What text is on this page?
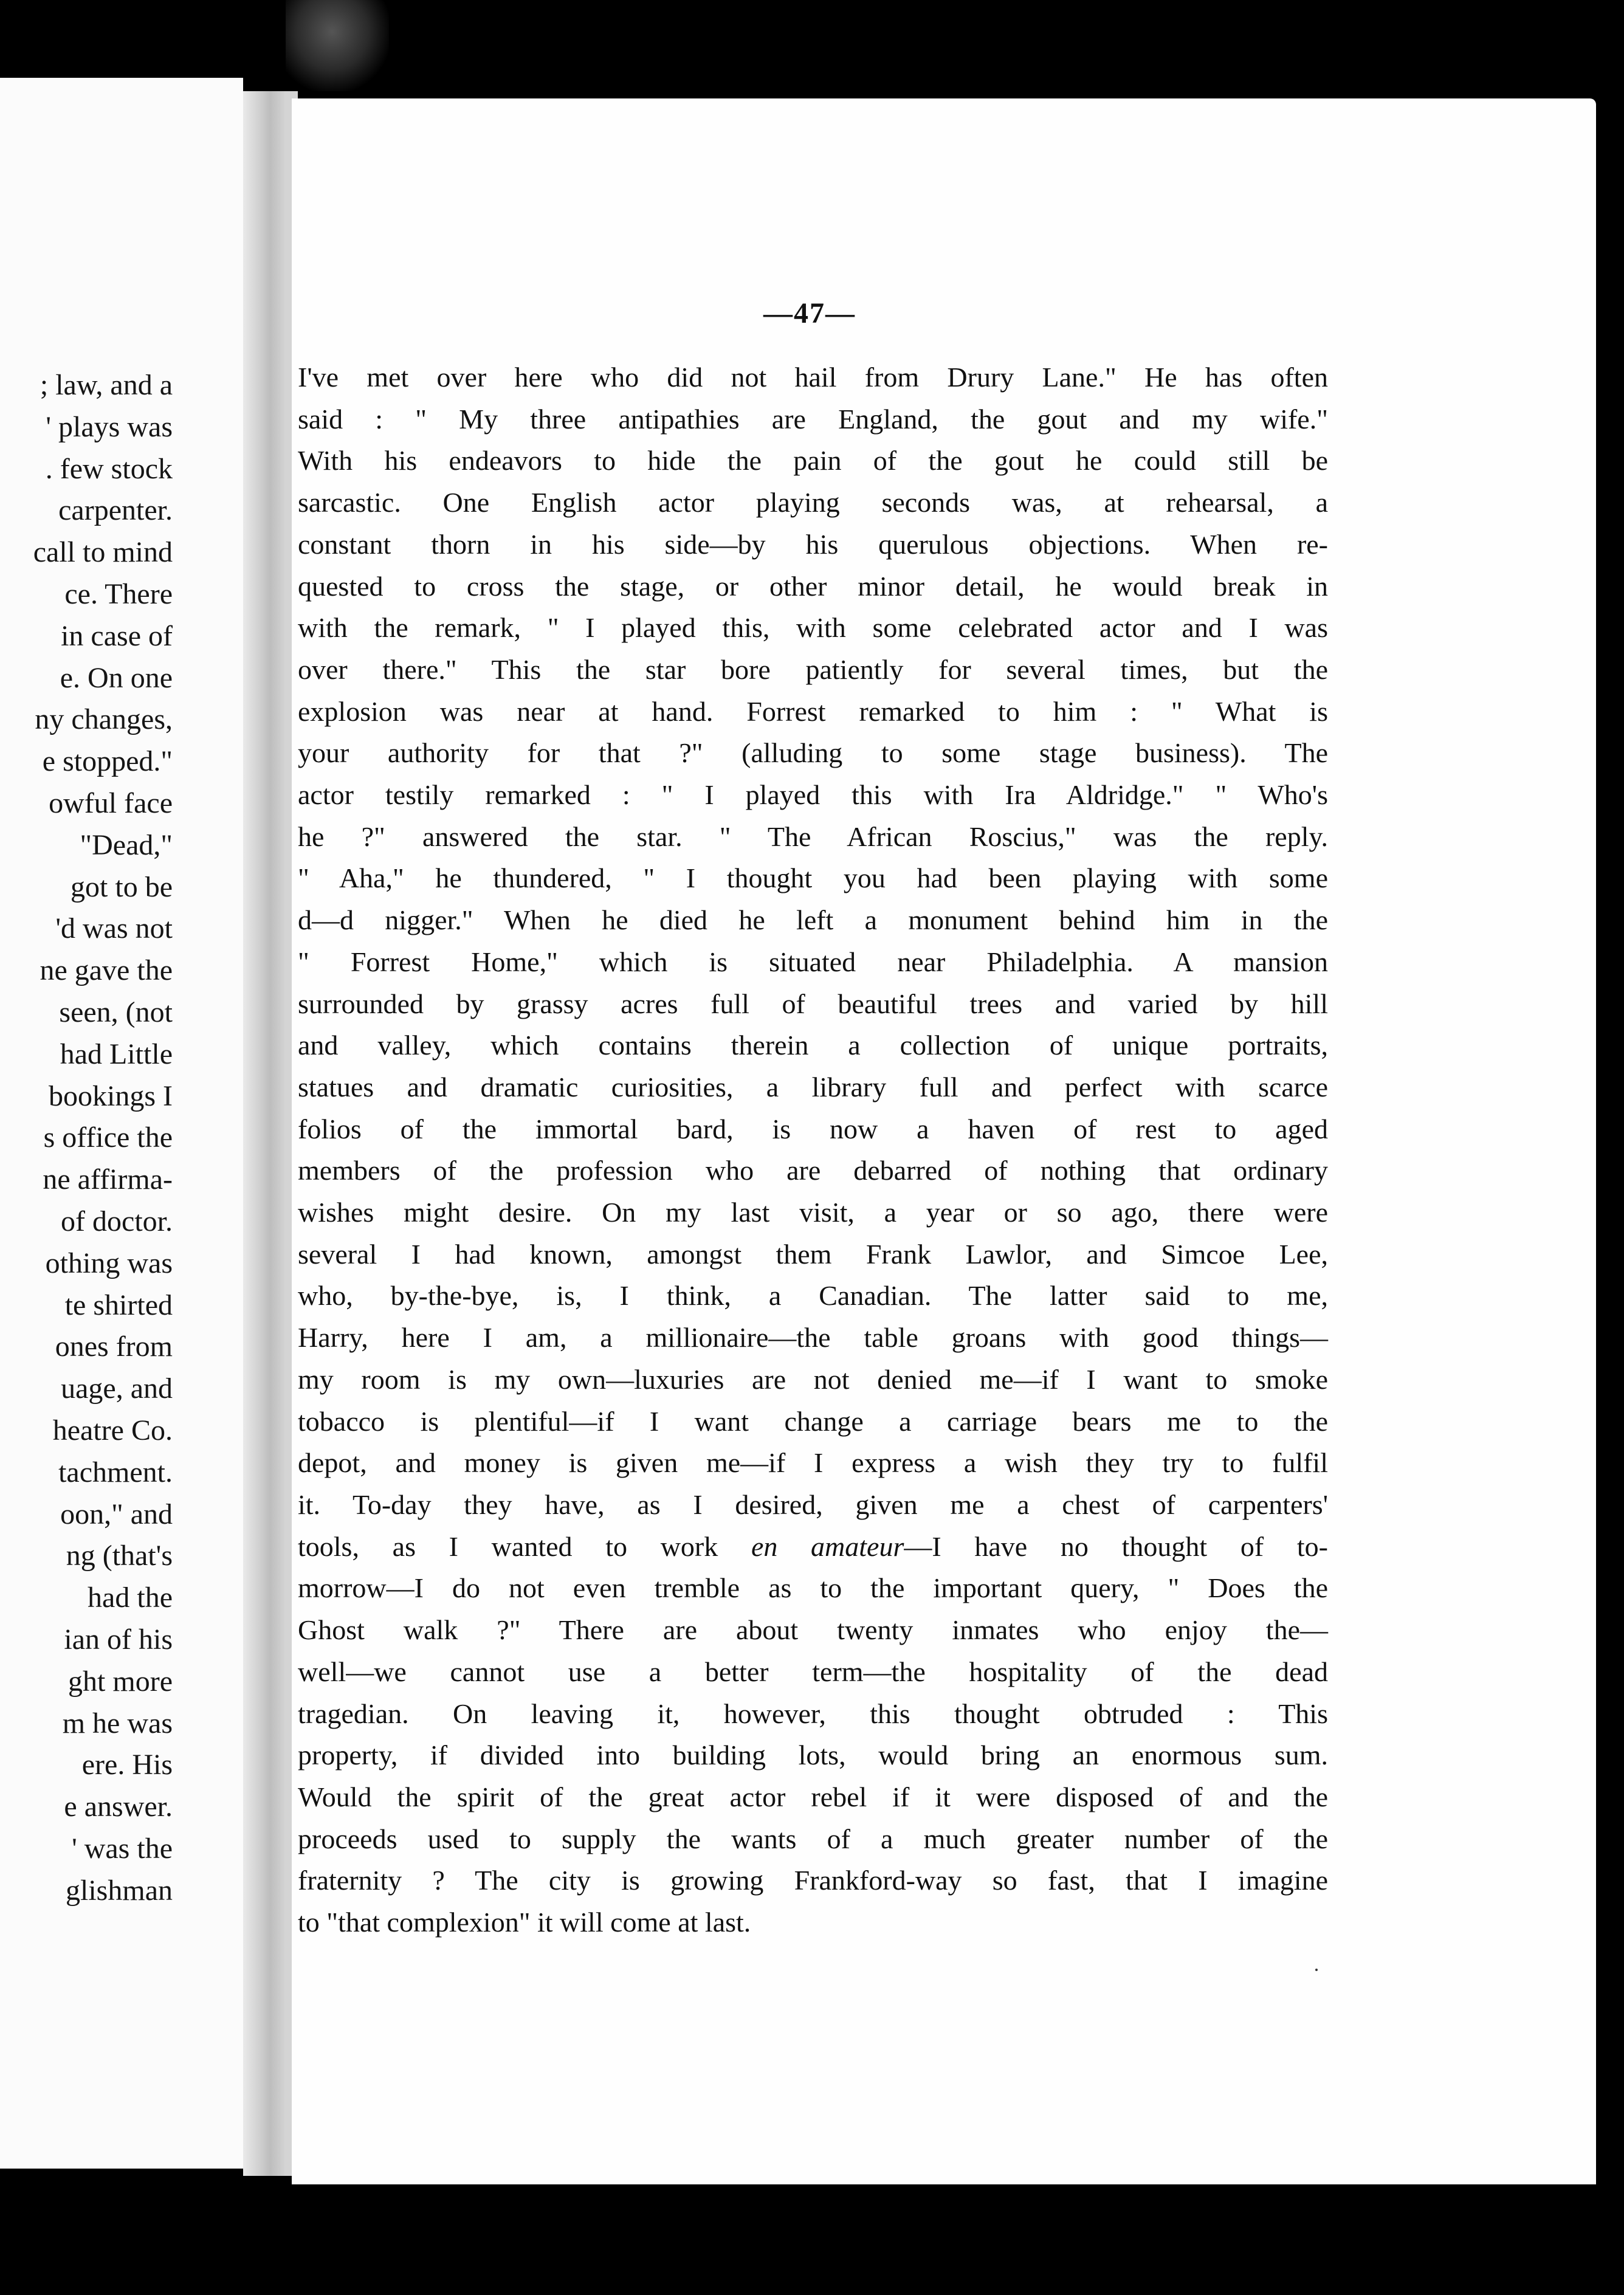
; law, and a
' plays was
. few stock
carpenter.
call to mind
ce. There
in case of
e. On one
ny changes,
e stopped."
owful face
"Dead,"
got to be
'd was not
ne gave the
seen, (not
had Little
bookings I
s office the
ne affirma-
of doctor.
othing was
te shirted
ones from
uage, and
heatre Co.
tachment.
oon," and
ng (that's
had the
ian of his
ght more
m he was
ere. His
e answer.
' was the
glishman
—47—
I've met over here who did not hail from Drury Lane." He has often
said : " My three antipathies are England, the gout and my wife."
With his endeavors to hide the pain of the gout he could still be
sarcastic. One English actor playing seconds was, at rehearsal, a
constant thorn in his side—by his querulous objections. When re-
quested to cross the stage, or other minor detail, he would break in
with the remark, " I played this, with some celebrated actor and I was
over there." This the star bore patiently for several times, but the
explosion was near at hand. Forrest remarked to him : " What is
your authority for that ?" (alluding to some stage business). The
actor testily remarked : " I played this with Ira Aldridge." " Who's
he ?" answered the star. " The African Roscius," was the reply.
" Aha," he thundered, " I thought you had been playing with some
d—d nigger." When he died he left a monument behind him in the
" Forrest Home," which is situated near Philadelphia. A mansion
surrounded by grassy acres full of beautiful trees and varied by hill
and valley, which contains therein a collection of unique portraits,
statues and dramatic curiosities, a library full and perfect with scarce
folios of the immortal bard, is now a haven of rest to aged
members of the profession who are debarred of nothing that ordinary
wishes might desire. On my last visit, a year or so ago, there were
several I had known, amongst them Frank Lawlor, and Simcoe Lee,
who, by-the-bye, is, I think, a Canadian. The latter said to me,
Harry, here I am, a millionaire—the table groans with good things—
my room is my own—luxuries are not denied me—if I want to smoke
tobacco is plentiful—if I want change a carriage bears me to the
depot, and money is given me—if I express a wish they try to fulfil
it. To-day they have, as I desired, given me a chest of carpenters'
tools, as I wanted to work en amateur—I have no thought of to-
morrow—I do not even tremble as to the important query, " Does the
Ghost walk ?" There are about twenty inmates who enjoy the—
well—we cannot use a better term—the hospitality of the dead
tragedian. On leaving it, however, this thought obtruded : This
property, if divided into building lots, would bring an enormous sum.
Would the spirit of the great actor rebel if it were disposed of and the
proceeds used to supply the wants of a much greater number of the
fraternity ? The city is growing Frankford-way so fast, that I imagine
to "that complexion" it will come at last.
